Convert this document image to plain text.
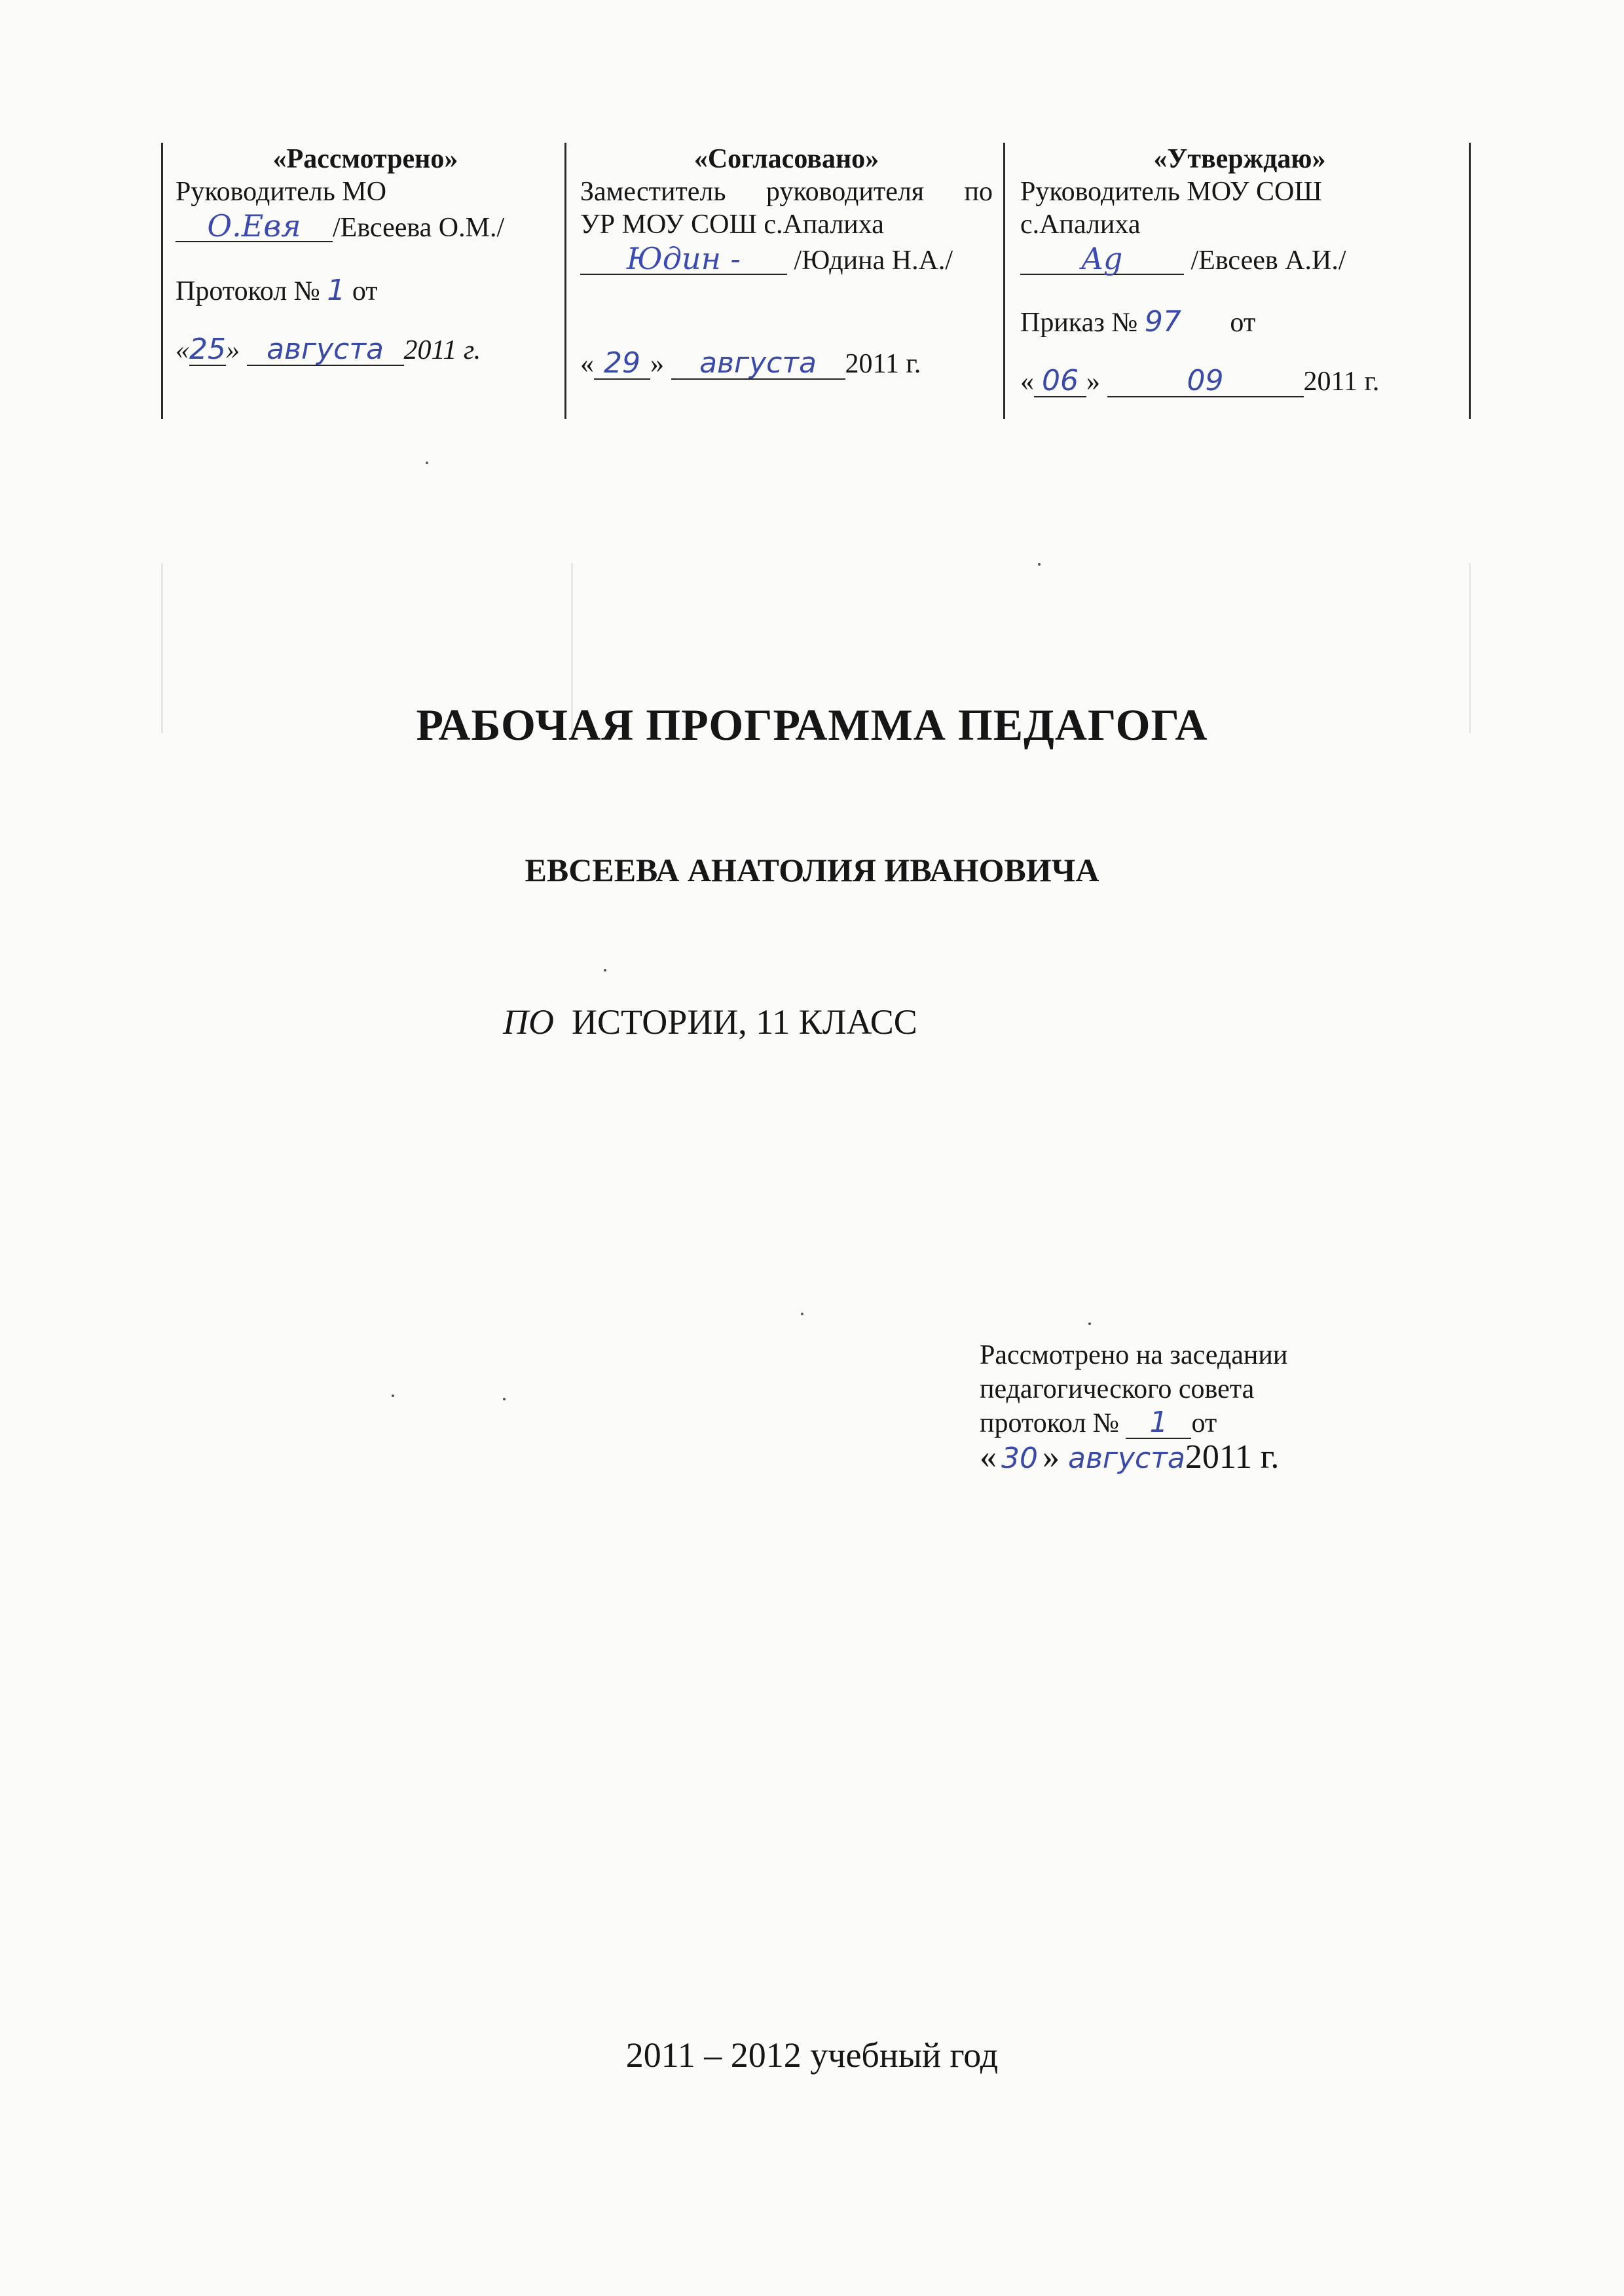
«Рассмотрено»

Руководитель МО

О.Евя /Евсеева О.М./

Протокол № 1 от

«25» августа 2011 г.

«Согласовано»

Заместитель руководителя по

УР МОУ СОШ с.Апалиха

Юдин - /Юдина Н.А./

« 29 » августа 2011 г.

«Утверждаю»

Руководитель МОУ СОШ

с.Апалиха

Ag /Евсеев А.И./

Приказ № 97 от

« 06 »	09	2011 г.

РАБОЧАЯ ПРОГРАММА ПЕДАГОГА
ЕВСЕЕВА АНАТОЛИЯ ИВАНОВИЧА
ПО ИСТОРИИ, 11 КЛАСС

Рассмотрено на заседании

педагогического совета

протокол № 1 от

« 30 » августа2011 г.

2011 – 2012 учебный год
